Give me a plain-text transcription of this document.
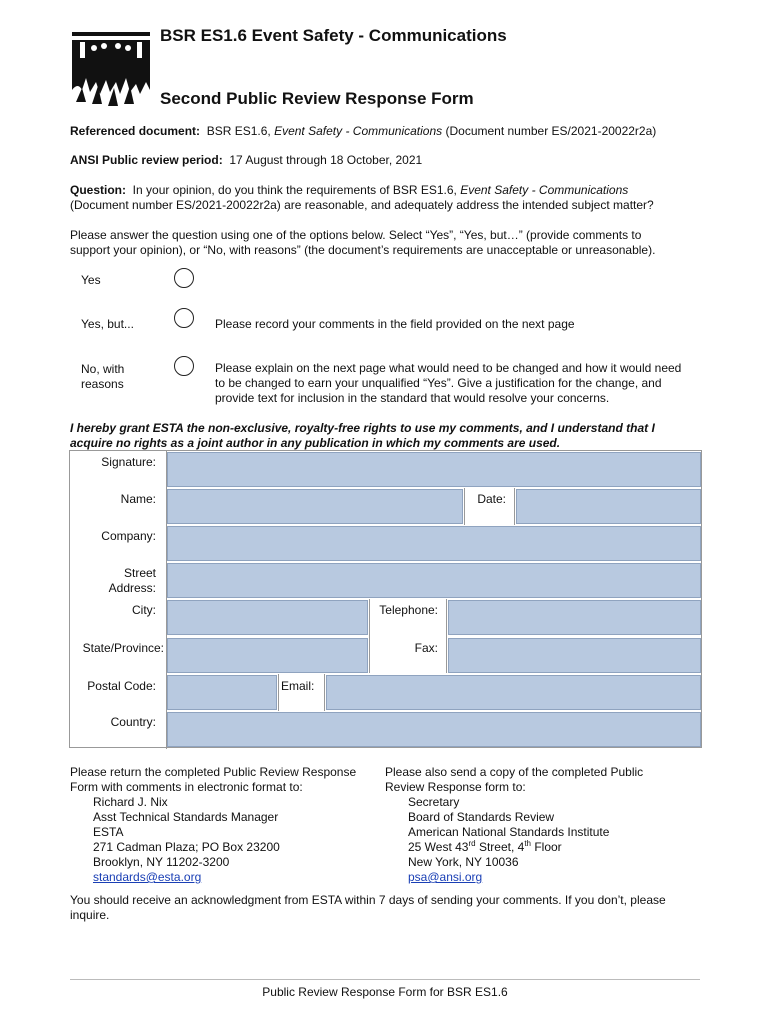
BSR ES1.6 Event Safety - Communications
Second Public Review Response Form
Referenced document: BSR ES1.6, Event Safety - Communications (Document number ES/2021-20022r2a)
ANSI Public review period: 17 August through 18 October, 2021
Question: In your opinion, do you think the requirements of BSR ES1.6, Event Safety - Communications
(Document number ES/2021-20022r2a) are reasonable, and adequately address the intended subject matter?
Please answer the question using one of the options below. Select “Yes”, “Yes, but…” (provide comments to
support your opinion), or “No, with reasons” (the document’s requirements are unacceptable or unreasonable).
Yes
Yes, but...	Please record your comments in the field provided on the next page
No, with
reasons
Please explain on the next page what would need to be changed and how it would need
to be changed to earn your unqualified “Yes”. Give a justification for the change, and
provide text for inclusion in the standard that would resolve your concerns.
I hereby grant ESTA the non-exclusive, royalty-free rights to use my comments, and I understand that I
acquire no rights as a joint author in any publication in which my comments are used.
Signature:
Name:	Date:
Company:
Street
Address:
City:	Telephone:
State/Province:	Fax:
Postal Code:	Email:
Country:
Please return the completed Public Review Response
Form with comments in electronic format to:
Richard J. Nix
Asst Technical Standards Manager
ESTA
271 Cadman Plaza; PO Box 23200
Brooklyn, NY 11202-3200
standards@esta.org
Please also send a copy of the completed Public
Review Response form to:
Secretary
Board of Standards Review
American National Standards Institute
25 West 43rd Street, 4th Floor
New York, NY 10036
psa@ansi.org
You should receive an acknowledgment from ESTA within 7 days of sending your comments. If you don’t, please
inquire.
Public Review Response Form for BSR ES1.6
